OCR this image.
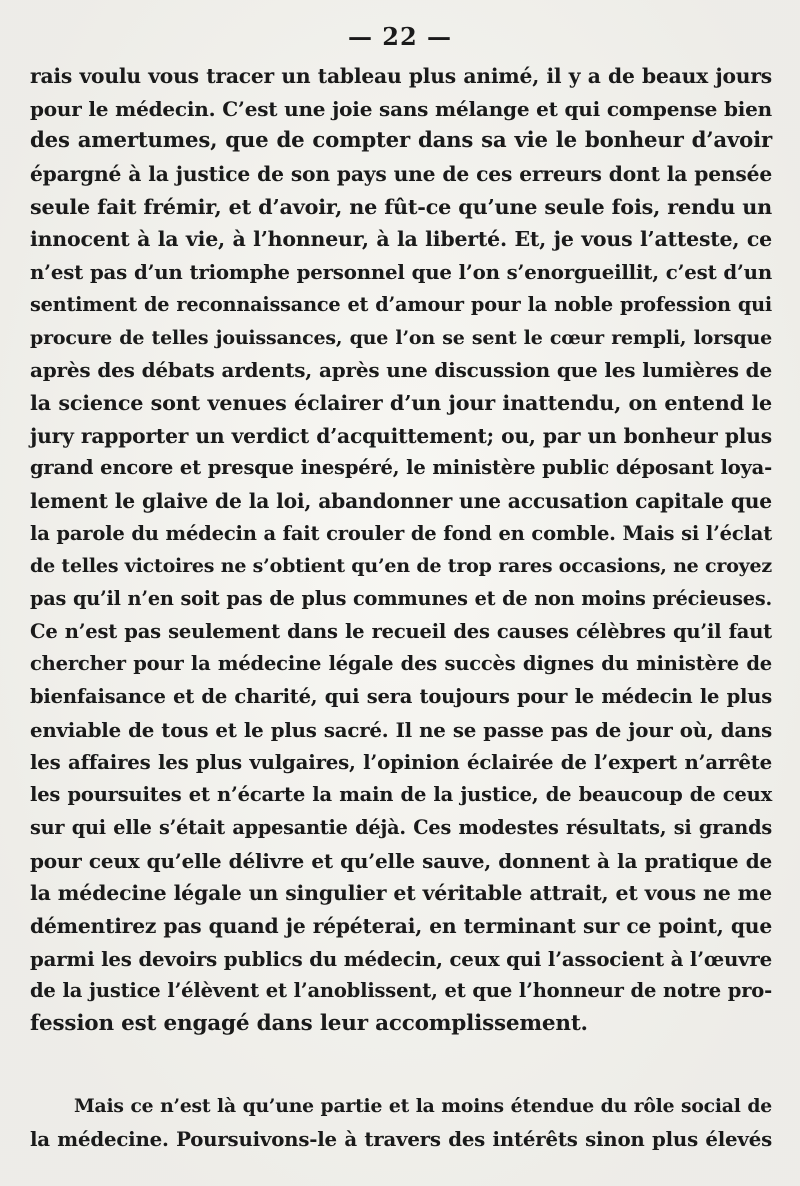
— 22 —
rais voulu vous tracer un tableau plus animé, il y a de beaux jours
pour le médecin. C’est une joie sans mélange et qui compense bien
des amertumes, que de compter dans sa vie le bonheur d’avoir
épargné à la justice de son pays une de ces erreurs dont la pensée
seule fait frémir, et d’avoir, ne fût-ce qu’une seule fois, rendu un
innocent à la vie, à l’honneur, à la liberté. Et, je vous l’atteste, ce
n’est pas d’un triomphe personnel que l’on s’enorgueillit, c’est d’un
sentiment de reconnaissance et d’amour pour la noble profession qui
procure de telles jouissances, que l’on se sent le cœur rempli, lorsque
après des débats ardents, après une discussion que les lumières de
la science sont venues éclairer d’un jour inattendu, on entend le
jury rapporter un verdict d’acquittement; ou, par un bonheur plus
grand encore et presque inespéré, le ministère public déposant loya-
lement le glaive de la loi, abandonner une accusation capitale que
la parole du médecin a fait crouler de fond en comble. Mais si l’éclat
de telles victoires ne s’obtient qu’en de trop rares occasions, ne croyez
pas qu’il n’en soit pas de plus communes et de non moins précieuses.
Ce n’est pas seulement dans le recueil des causes célèbres qu’il faut
chercher pour la médecine légale des succès dignes du ministère de
bienfaisance et de charité, qui sera toujours pour le médecin le plus
enviable de tous et le plus sacré. Il ne se passe pas de jour où, dans
les affaires les plus vulgaires, l’opinion éclairée de l’expert n’arrête
les poursuites et n’écarte la main de la justice, de beaucoup de ceux
sur qui elle s’était appesantie déjà. Ces modestes résultats, si grands
pour ceux qu’elle délivre et qu’elle sauve, donnent à la pratique de
la médecine légale un singulier et véritable attrait, et vous ne me
démentirez pas quand je répéterai, en terminant sur ce point, que
parmi les devoirs publics du médecin, ceux qui l’associent à l’œuvre
de la justice l’élèvent et l’anoblissent, et que l’honneur de notre pro-
fession est engagé dans leur accomplissement.
Mais ce n’est là qu’une partie et la moins étendue du rôle social de
la médecine. Poursuivons-le à travers des intérêts sinon plus élevés
